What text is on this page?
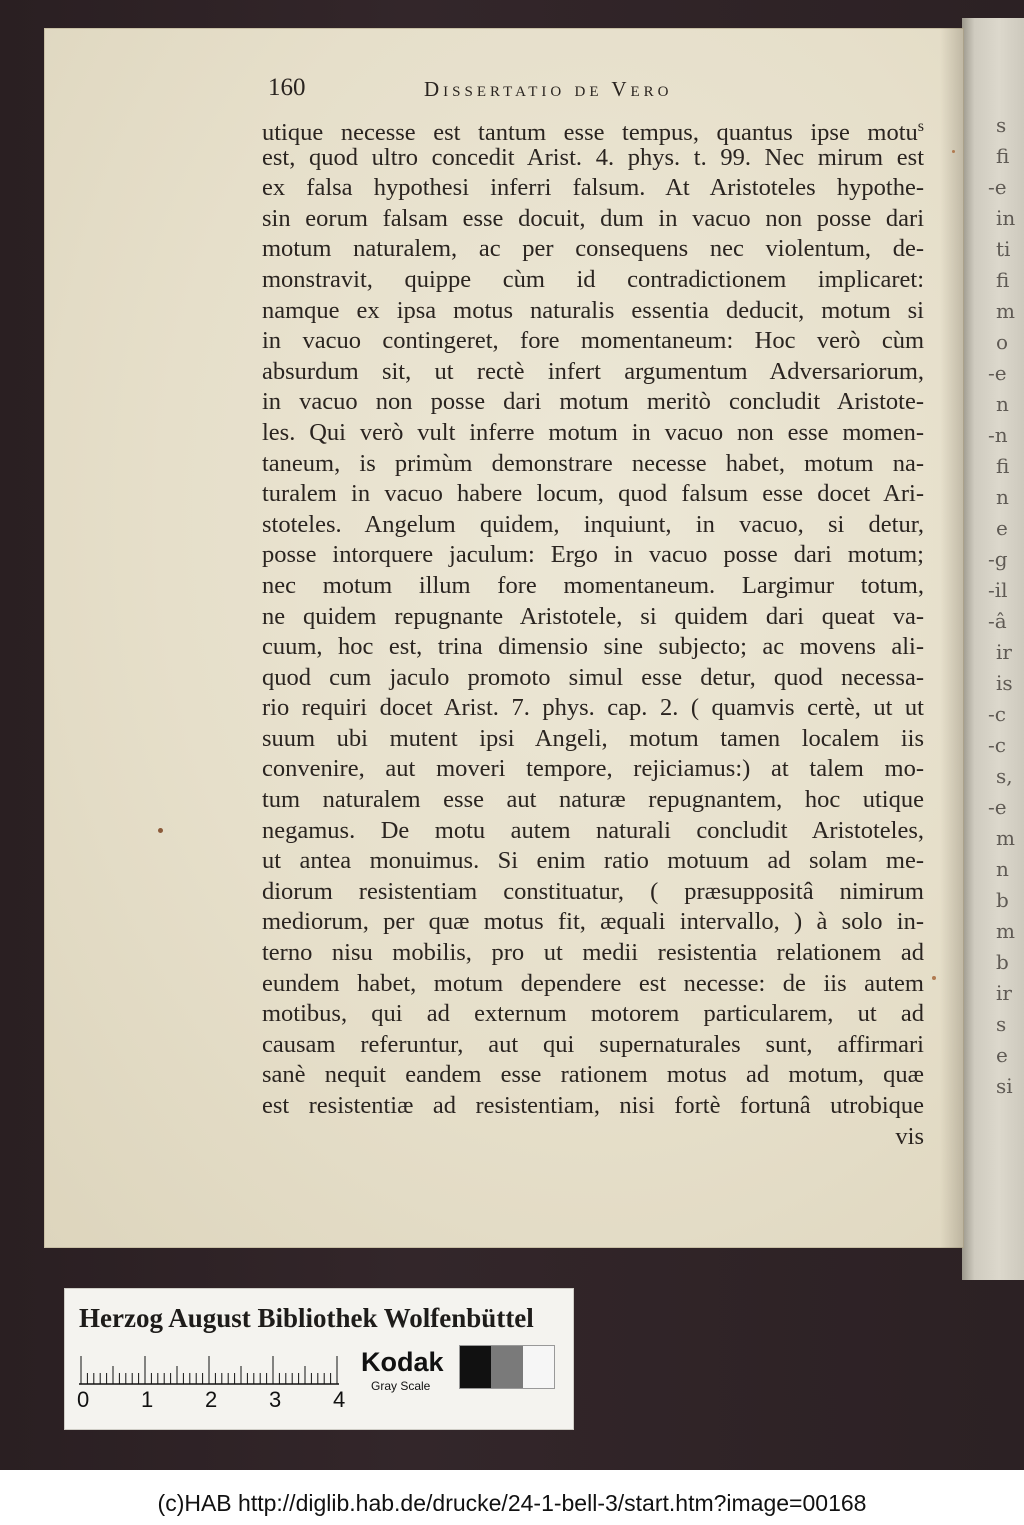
s
fi
-e
in
ti
fi
m
o
-e
n
-n
fi
n
e
-g
-il
-â
ir
is
-c
-c
s,
-e
m
n
b
m
b
ir
s
e
si
160	Dissertatio de Vero
utique necesse est tantum esse tempus, quantus ipse motu$^s$
est, quod ultro concedit Arist. 4. phys. t. 99. Nec mirum est
ex falsa hypothesi inferri falsum. At Aristoteles hypothe-
sin eorum falsam esse docuit, dum in vacuo non posse dari
motum naturalem, ac per consequens nec violentum, de-
monstravit, quippe cùm id contradictionem implicaret:
namque ex ipsa motus naturalis essentia deducit, motum si
in vacuo contingeret, fore momentaneum: Hoc verò cùm
absurdum sit, ut rectè infert argumentum Adversariorum,
in vacuo non posse dari motum meritò concludit Aristote-
les. Qui verò vult inferre motum in vacuo non esse momen-
taneum, is primùm demonstrare necesse habet, motum na-
turalem in vacuo habere locum, quod falsum esse docet Ari-
stoteles. Angelum quidem, inquiunt, in vacuo, si detur,
posse intorquere jaculum: Ergo in vacuo posse dari motum;
nec motum illum fore momentaneum. Largimur totum,
ne quidem repugnante Aristotele, si quidem dari queat va-
cuum, hoc est, trina dimensio sine subjecto; ac movens ali-
quod cum jaculo promoto simul esse detur, quod necessa-
rio requiri docet Arist. 7. phys. cap. 2. ( quamvis certè, ut ut
suum ubi mutent ipsi Angeli, motum tamen localem iis
convenire, aut moveri tempore, rejiciamus:) at talem mo-
tum naturalem esse aut naturæ repugnantem, hoc utique
negamus. De motu autem naturali concludit Aristoteles,
ut antea monuimus. Si enim ratio motuum ad solam me-
diorum resistentiam constituatur, ( præsuppositâ nimirum
mediorum, per quæ motus fit, æquali intervallo, ) à solo in-
terno nisu mobilis, pro ut medii resistentia relationem ad
eundem habet, motum dependere est necesse: de iis autem
motibus, qui ad externum motorem particularem, ut ad
causam referuntur, aut qui supernaturales sunt, affirmari
sanè nequit eandem esse rationem motus ad motum, quæ
est resistentiæ ad resistentiam, nisi fortè fortunâ utrobique
vis
Herzog August Bibliothek Wolfenbüttel
0 1 2 3 4
Kodak
Gray Scale
(c)HAB http://diglib.hab.de/drucke/24-1-bell-3/start.htm?image=00168
